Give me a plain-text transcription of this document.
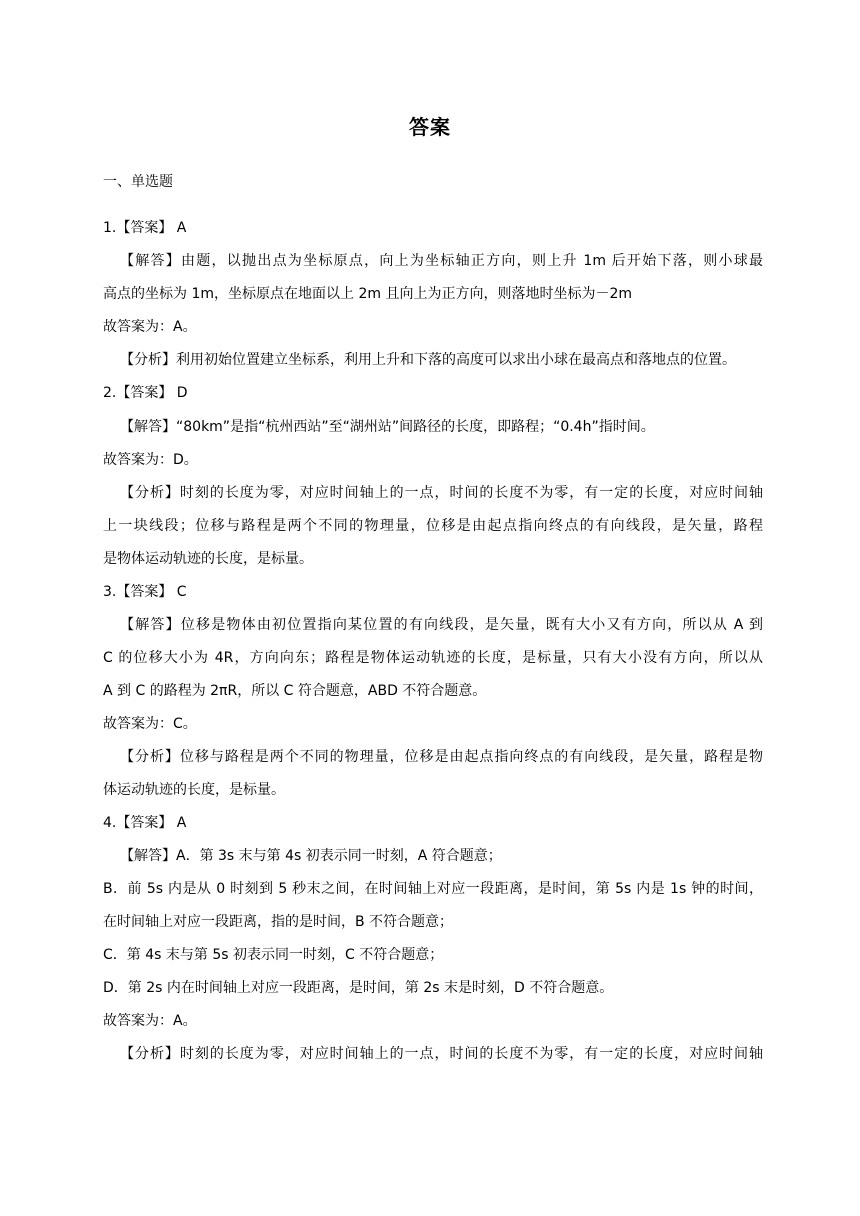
答案
一、单选题
1.【答案】 A
【解答】由题，以抛出点为坐标原点，向上为坐标轴正方向，则上升 1m 后开始下落，则小球最
高点的坐标为 1m，坐标原点在地面以上 2m 且向上为正方向，则落地时坐标为－2m
故答案为：A。
【分析】利用初始位置建立坐标系，利用上升和下落的高度可以求出小球在最高点和落地点的位置。
2.【答案】 D
【解答】“80km”是指“杭州西站”至“湖州站”间路径的长度，即路程；“0.4h”指时间。
故答案为：D。
【分析】时刻的长度为零，对应时间轴上的一点，时间的长度不为零，有一定的长度，对应时间轴
上一块线段；位移与路程是两个不同的物理量，位移是由起点指向终点的有向线段，是矢量，路程
是物体运动轨迹的长度，是标量。
3.【答案】 C
【解答】位移是物体由初位置指向某位置的有向线段，是矢量，既有大小又有方向，所以从 A 到
C 的位移大小为 4R，方向向东；路程是物体运动轨迹的长度，是标量，只有大小没有方向，所以从
A 到 C 的路程为 2πR，所以 C 符合题意，ABD 不符合题意。
故答案为：C。
【分析】位移与路程是两个不同的物理量，位移是由起点指向终点的有向线段，是矢量，路程是物
体运动轨迹的长度，是标量。
4.【答案】 A
【解答】A．第 3s 末与第 4s 初表示同一时刻，A 符合题意；
B．前 5s 内是从 0 时刻到 5 秒末之间，在时间轴上对应一段距离，是时间，第 5s 内是 1s 钟的时间，
在时间轴上对应一段距离，指的是时间，B 不符合题意；
C．第 4s 末与第 5s 初表示同一时刻，C 不符合题意；
D．第 2s 内在时间轴上对应一段距离，是时间，第 2s 末是时刻，D 不符合题意。
故答案为：A。
【分析】时刻的长度为零，对应时间轴上的一点，时间的长度不为零，有一定的长度，对应时间轴
